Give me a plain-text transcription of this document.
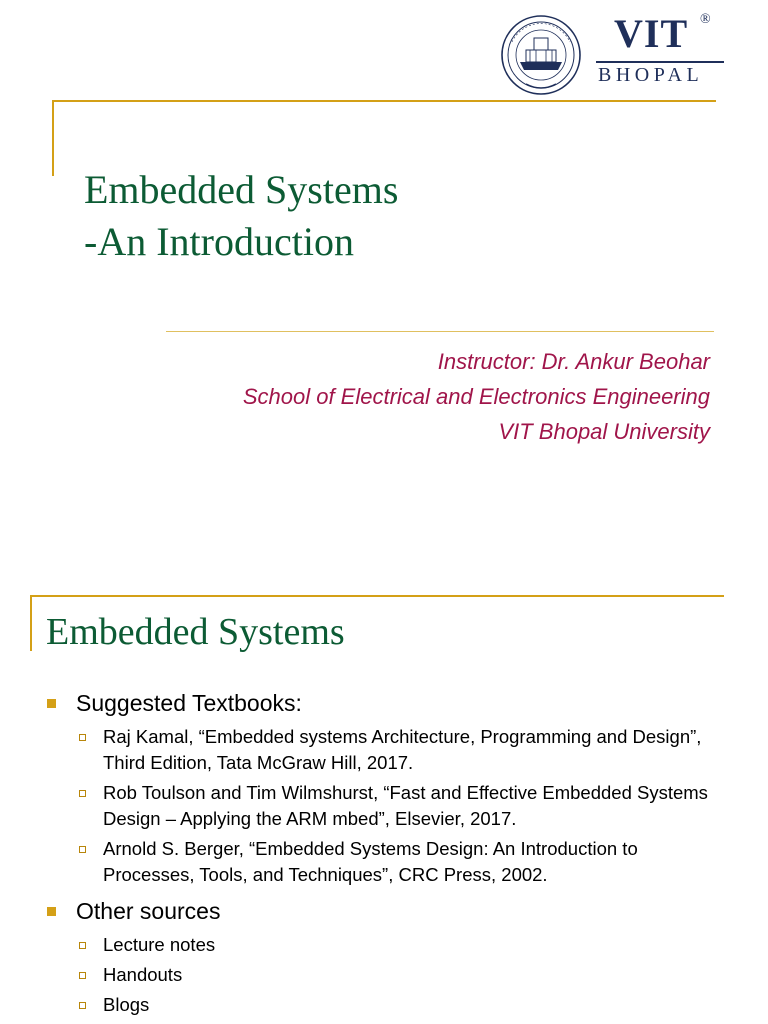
VIT ®
BHOPAL
Embedded Systems
-An Introduction
Instructor: Dr. Ankur Beohar
School of Electrical and Electronics Engineering
VIT Bhopal University
Embedded Systems
Suggested Textbooks:
Raj Kamal, “Embedded systems Architecture, Programming and Design”, Third Edition, Tata McGraw Hill, 2017.
Rob Toulson and Tim Wilmshurst, “Fast and Effective Embedded Systems Design – Applying the ARM mbed”, Elsevier, 2017.
Arnold S. Berger, “Embedded Systems Design: An Introduction to Processes, Tools, and Techniques”, CRC Press, 2002.
Other sources
Lecture notes
Handouts
Blogs
